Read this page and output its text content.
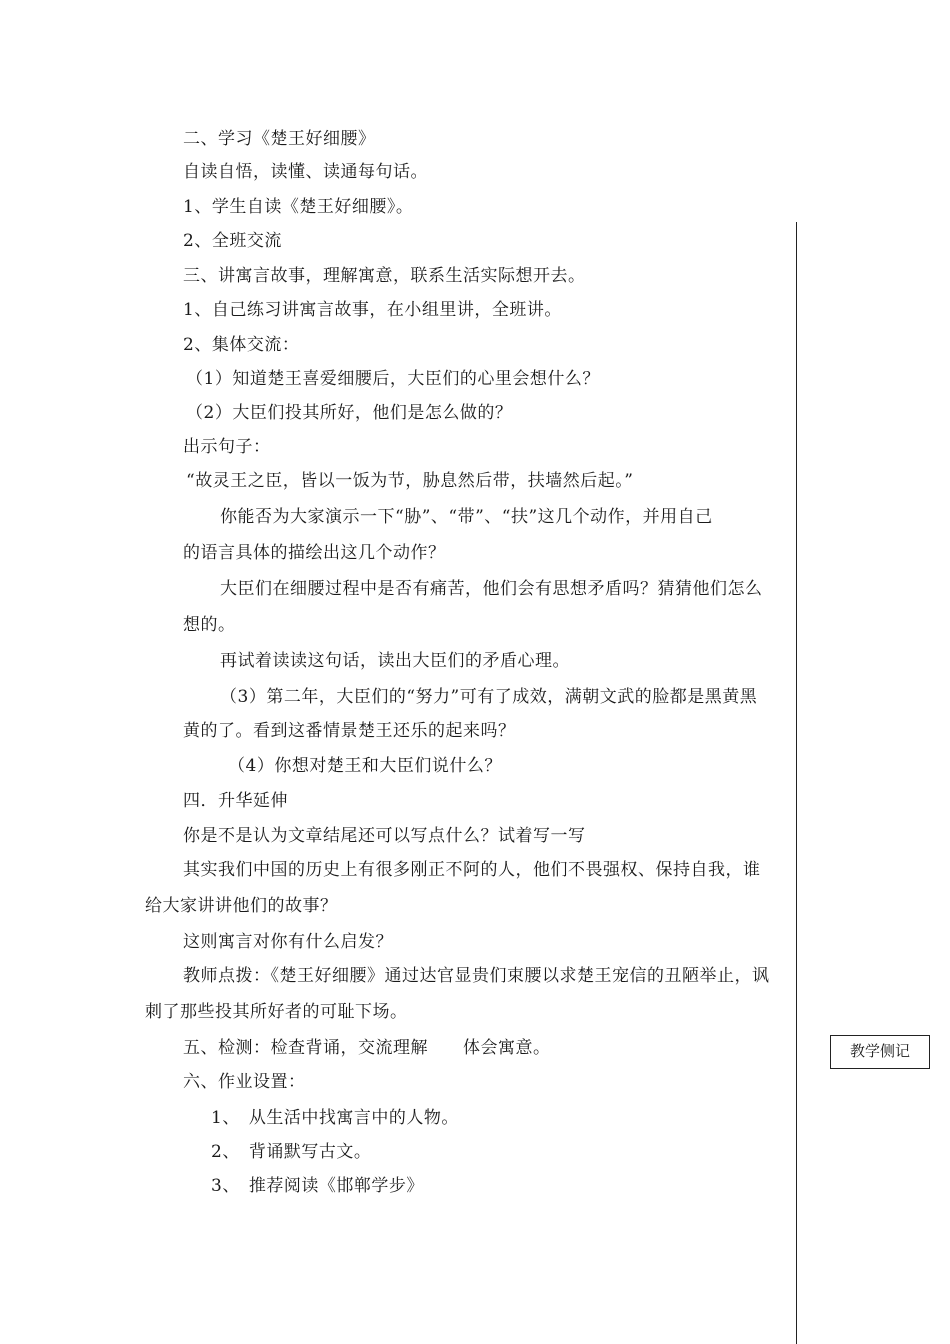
二、学习《楚王好细腰》
自读自悟，读懂、读通每句话。
1、学生自读《楚王好细腰》。
2、全班交流
三、讲寓言故事，理解寓意，联系生活实际想开去。
1、自己练习讲寓言故事，在小组里讲，全班讲。
2、集体交流：
（1）知道楚王喜爱细腰后，大臣们的心里会想什么？
（2）大臣们投其所好，他们是怎么做的？
出示句子：
“故灵王之臣，皆以一饭为节，胁息然后带，扶墙然后起。”
你能否为大家演示一下“胁”、“带”、“扶”这几个动作，并用自己
的语言具体的描绘出这几个动作？
大臣们在细腰过程中是否有痛苦，他们会有思想矛盾吗？猜猜他们怎么
想的。
再试着读读这句话，读出大臣们的矛盾心理。
（3）第二年，大臣们的“努力”可有了成效，满朝文武的脸都是黑黄黑
黄的了。看到这番情景楚王还乐的起来吗？
（4）你想对楚王和大臣们说什么？
四．升华延伸
你是不是认为文章结尾还可以写点什么？试着写一写
其实我们中国的历史上有很多刚正不阿的人，他们不畏强权、保持自我，谁
给大家讲讲他们的故事？
这则寓言对你有什么启发？
教师点拨：《楚王好细腰》通过达官显贵们束腰以求楚王宠信的丑陋举止，讽
刺了那些投其所好者的可耻下场。
五、检测：检查背诵，交流理解　　体会寓意。
六、作业设置：
1、　从生活中找寓言中的人物。
2、　背诵默写古文。
3、　推荐阅读《邯郸学步》
教学侧记
